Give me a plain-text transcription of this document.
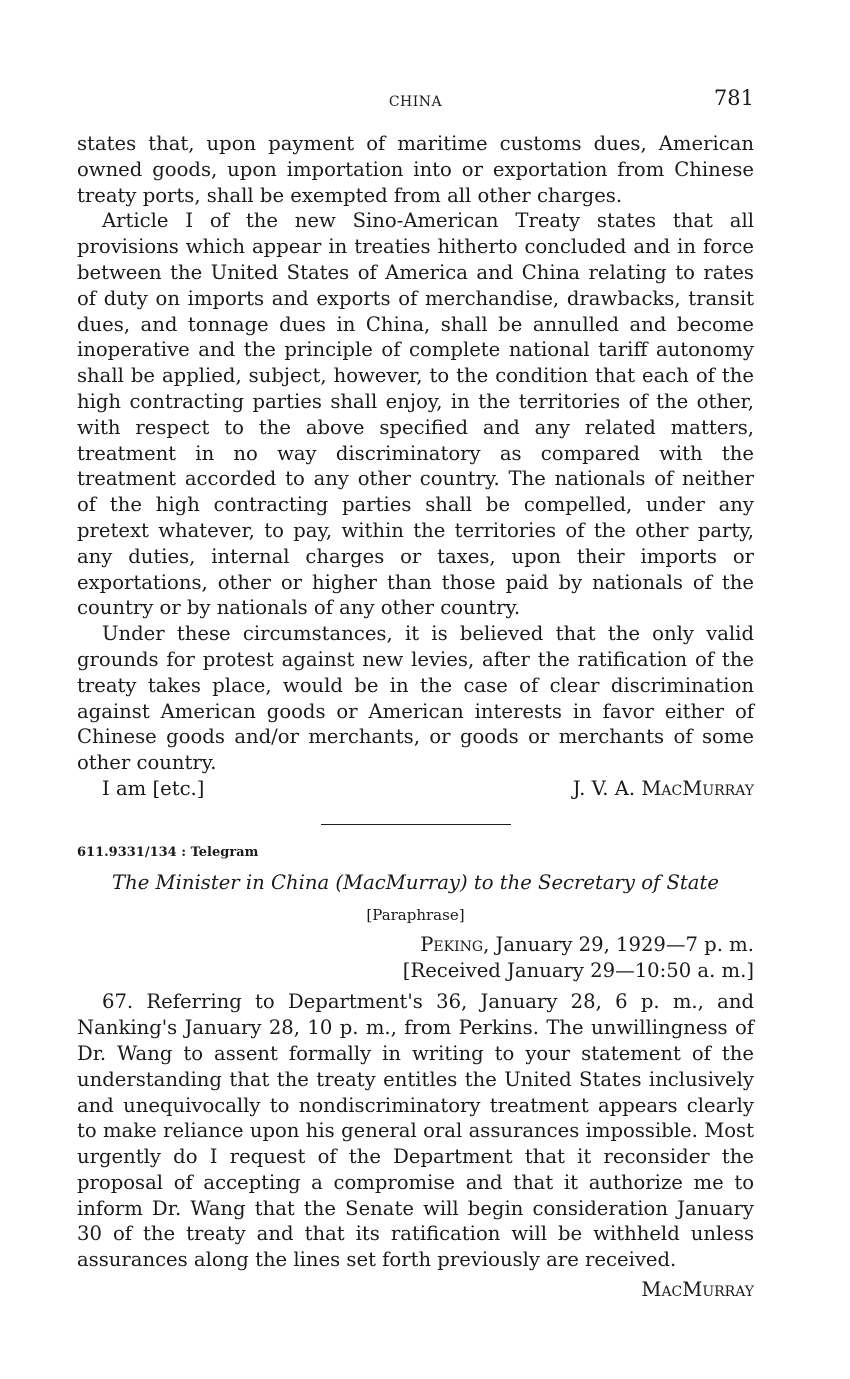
CHINA	781

states that, upon payment of maritime customs dues, American owned goods, upon importation into or exportation from Chinese treaty ports, shall be exempted from all other charges.

Article I of the new Sino-American Treaty states that all provisions which appear in treaties hitherto concluded and in force between the United States of America and China relating to rates of duty on imports and exports of merchandise, drawbacks, transit dues, and tonnage dues in China, shall be annulled and become inoperative and the principle of complete national tariff autonomy shall be applied, subject, however, to the condition that each of the high contracting parties shall enjoy, in the territories of the other, with respect to the above specified and any related matters, treatment in no way discriminatory as compared with the treatment accorded to any other country. The nationals of neither of the high contracting parties shall be compelled, under any pretext whatever, to pay, within the territories of the other party, any duties, internal charges or taxes, upon their imports or exportations, other or higher than those paid by nationals of the country or by nationals of any other country.

Under these circumstances, it is believed that the only valid grounds for protest against new levies, after the ratification of the treaty takes place, would be in the case of clear discrimination against American goods or American interests in favor either of Chinese goods and/or merchants, or goods or merchants of some other country.

I am [etc.]	J. V. A. MacMurray
611.9331/134 : Telegram
The Minister in China (MacMurray) to the Secretary of State
[Paraphrase]
Peking, January 29, 1929—7 p. m.
[Received January 29—10:50 a. m.]

67. Referring to Department's 36, January 28, 6 p. m., and Nanking's January 28, 10 p. m., from Perkins. The unwillingness of Dr. Wang to assent formally in writing to your statement of the understanding that the treaty entitles the United States inclusively and unequivocally to nondiscriminatory treatment appears clearly to make reliance upon his general oral assurances impossible. Most urgently do I request of the Department that it reconsider the proposal of accepting a compromise and that it authorize me to inform Dr. Wang that the Senate will begin consideration January 30 of the treaty and that its ratification will be withheld unless assurances along the lines set forth previously are received.

MacMurray
